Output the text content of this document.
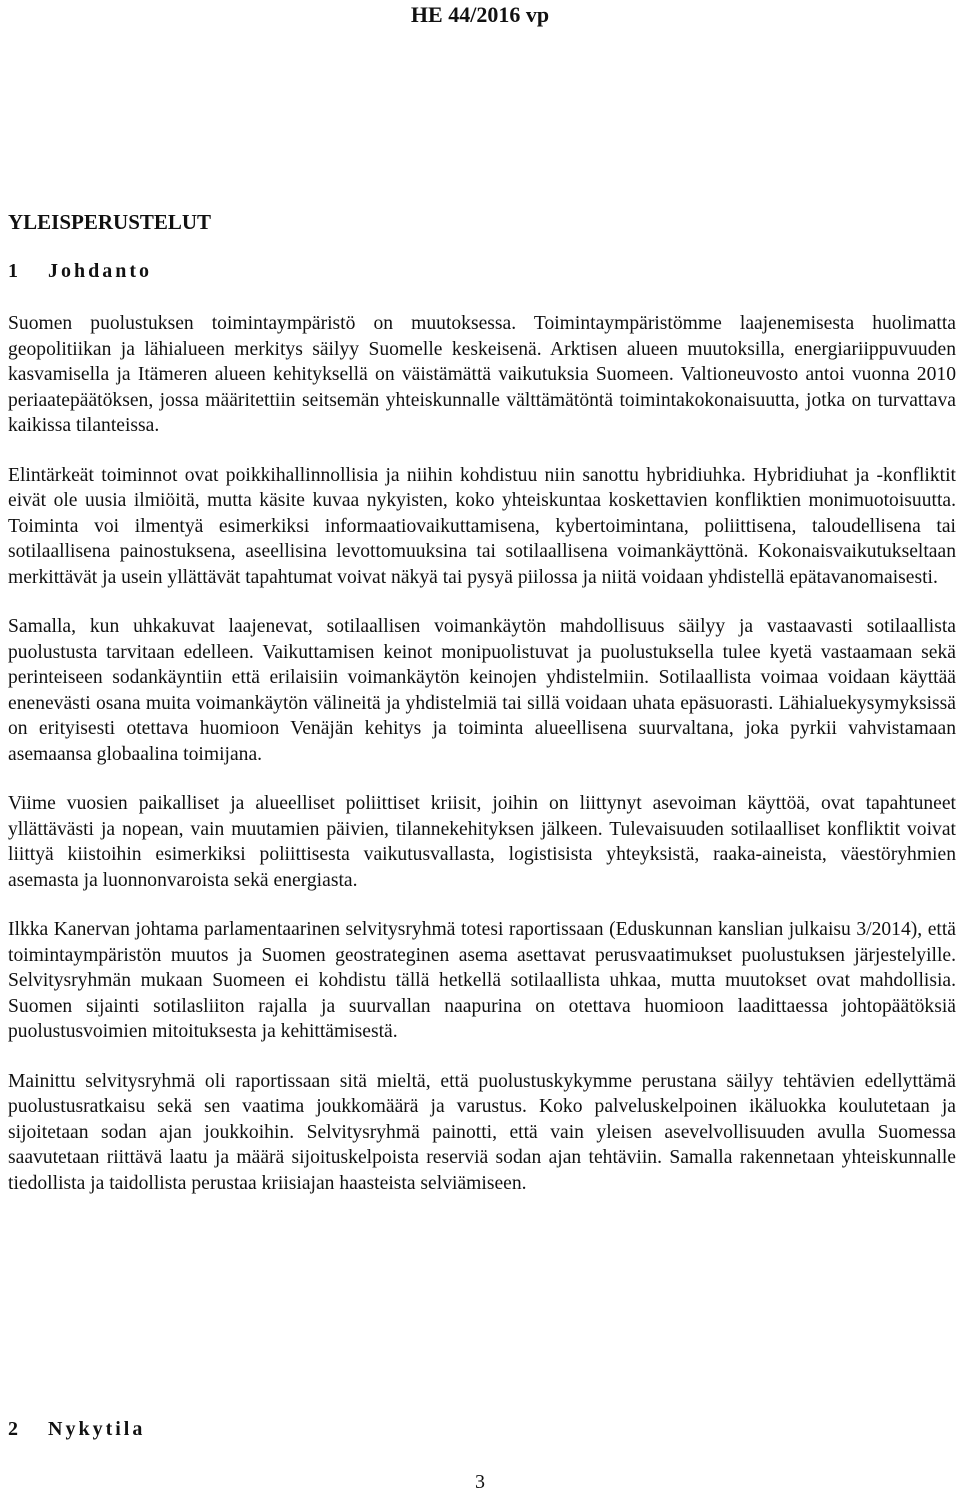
HE 44/2016 vp
YLEISPERUSTELUT
1	Johdanto

Suomen puolustuksen toimintaympäristö on muutoksessa. Toimintaympäristömme laajenemisesta huolimatta geopolitiikan ja lähialueen merkitys säilyy Suomelle keskeisenä. Arktisen alueen muutoksilla, energiariippuvuuden kasvamisella ja Itämeren alueen kehityksellä on väistämättä vaikutuksia Suomeen. Valtioneuvosto antoi vuonna 2010 periaatepäätöksen, jossa määritettiin seitsemän yhteiskunnalle välttämätöntä toimintakokonaisuutta, jotka on turvattava kaikissa tilanteissa.

Elintärkeät toiminnot ovat poikkihallinnollisia ja niihin kohdistuu niin sanottu hybridiuhka. Hybridiuhat ja -konfliktit eivät ole uusia ilmiöitä, mutta käsite kuvaa nykyisten, koko yhteiskuntaa koskettavien konfliktien monimuotoisuutta. Toiminta voi ilmentyä esimerkiksi informaatiovaikuttamisena, kybertoimintana, poliittisena, taloudellisena tai sotilaallisena painostuksena, aseellisina levottomuuksina tai sotilaallisena voimankäyttönä. Kokonaisvaikutukseltaan merkittävät ja usein yllättävät tapahtumat voivat näkyä tai pysyä piilossa ja niitä voidaan yhdistellä epätavanomaisesti.

Samalla, kun uhkakuvat laajenevat, sotilaallisen voimankäytön mahdollisuus säilyy ja vastaavasti sotilaallista puolustusta tarvitaan edelleen. Vaikuttamisen keinot monipuolistuvat ja puolustuksella tulee kyetä vastaamaan sekä perinteiseen sodankäyntiin että erilaisiin voimankäytön keinojen yhdistelmiin. Sotilaallista voimaa voidaan käyttää enenevästi osana muita voimankäytön välineitä ja yhdistelmiä tai sillä voidaan uhata epäsuorasti. Lähialuekysymyksissä on erityisesti otettava huomioon Venäjän kehitys ja toiminta alueellisena suurvaltana, joka pyrkii vahvistamaan asemaansa globaalina toimijana.

Viime vuosien paikalliset ja alueelliset poliittiset kriisit, joihin on liittynyt asevoiman käyttöä, ovat tapahtuneet yllättävästi ja nopean, vain muutamien päivien, tilannekehityksen jälkeen. Tulevaisuuden sotilaalliset konfliktit voivat liittyä kiistoihin esimerkiksi poliittisesta vaikutusvallasta, logistisista yhteyksistä, raaka-aineista, väestöryhmien asemasta ja luonnonvaroista sekä energiasta.

Ilkka Kanervan johtama parlamentaarinen selvitysryhmä totesi raportissaan (Eduskunnan kanslian julkaisu 3/2014), että toimintaympäristön muutos ja Suomen geostrateginen asema asettavat perusvaatimukset puolustuksen järjestelyille. Selvitysryhmän mukaan Suomeen ei kohdistu tällä hetkellä sotilaallista uhkaa, mutta muutokset ovat mahdollisia. Suomen sijainti sotilasliiton rajalla ja suurvallan naapurina on otettava huomioon laadittaessa johtopäätöksiä puolustusvoimien mitoituksesta ja kehittämisestä.

Mainittu selvitysryhmä oli raportissaan sitä mieltä, että puolustuskykymme perustana säilyy tehtävien edellyttämä puolustusratkaisu sekä sen vaatima joukkomäärä ja varustus. Koko palveluskelpoinen ikäluokka koulutetaan ja sijoitetaan sodan ajan joukkoihin. Selvitysryhmä painotti, että vain yleisen asevelvollisuuden avulla Suomessa saavutetaan riittävä laatu ja määrä sijoituskelpoista reserviä sodan ajan tehtäviin. Samalla rakennetaan yhteiskunnalle tiedollista ja taidollista perustaa kriisiajan haasteista selviämiseen.

2	Nykytila
3
